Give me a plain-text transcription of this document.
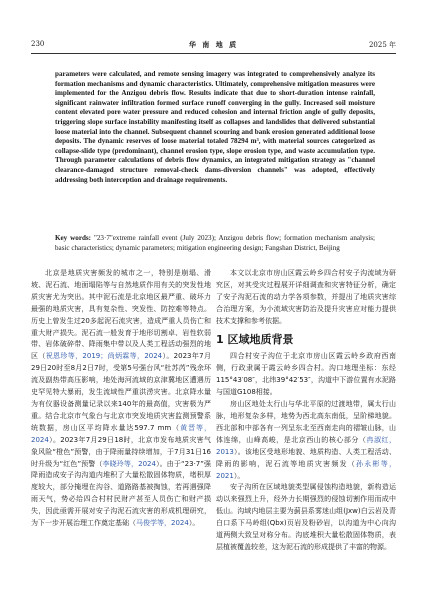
230	华 南 地 质	2025 年
parameters were calculated, and remote sensing imagery was integrated to comprehensively analyze its formation mechanisms and dynamic characteristics. Ultimately, comprehensive mitigation measures were implemented for the Anzigou debris flow. Results indicate that due to short-duration intense rainfall, significant rainwater infiltration formed surface runoff converging in the gully. Increased soil moisture content elevated pore water pressure and reduced cohesion and internal friction angle of gully deposits, triggering slope surface instability manifesting itself as collapses and landslides that delivered substantial loose material into the channel. Subsequent channel scouring and bank erosion generated additional loose deposits. The dynamic reserves of loose material totaled 78294 m³, with material sources categorized as collapse-slide type (predominant), channel erosion type, slope erosion type, and waste accumulation type. Through parameter calculations of debris flow dynamics, an integrated mitigation strategy as "channel clearance-damaged structure removal-check dams-diversion channels" was adopted, effectively addressing both interception and drainage requirements.
Key words: "23·7"extreme rainfall event (July 2023); Anzigou debris flow; formation mechanism analysis; basic characteristics; dynamic parameters; mitigation engineering design; Fangshan District, Beijing

北京是地质灾害频发的城市之一，特别是崩塌、滑坡、泥石流、地面塌陷等与自然地质作用有关的突发性地质灾害尤为突出。其中泥石流是北京地区最严重、破坏力最强的地质灾害，具有复杂性、突发性、防控难等特点。历史上曾发生过20多起泥石流灾害，造成严重人员伤亡和重大财产损失。泥石流一般发育于地形切割卓、岩性软弱带、岩体破碎带、降雨集中带以及人类工程活动强烈的地区（祝恩珍等，2019；尚炳霖等，2024）。2023年7月29日20时至8月2日7时，受第5号强台风“杜苏芮”残余环流及副热带高压影响，地处海河流域的京津冀地区遭遇历史罕见特大暴雨，发生流域性严重洪涝灾害。北京降水量为有仪器设备测量记录以来140年的最高值，灾害极为严重。结合北京市气象台与北京市突发地质灾害监测预警系统数据，房山区平均降水量达597.7 mm（黄晋等，2024）。2023年7月29日18时，北京市发布地质灾害气象风险“橙色”预警，由于降雨量持续增加，于7月31日16时升级为“红色”预警（李晓玲等，2024）。由于“23·7”强降雨造成安子沟沟道内堆积了大量松散固体物质，堵积厚度较大，部分掩埋在沟谷、道路路基被掏蚀，若再遇强降雨天气，势必给四合村村民财产甚至人员伤亡和财产损失，因此亟需开展对安子沟泥石流灾害的形成机理研究，为下一步开展治理工作奠定基础（马俊学等，2024）。

本文以北京市房山区霞云岭乡四合村安子沟流域为研究区，对其受灾过程展开详细调查和灾害特征分析，确定了安子沟泥石流的动力学各项参数，并提出了地质灾害综合治理方案，为小流域灾害防治及提升灾害应对能力提供技术支撑和参考依据。

1 区域地质背景

四合村安子沟位于北京市房山区霞云岭乡政府西南侧，行政隶属于霞云岭乡四合村。沟口地理坐标：东经115°43′08″，北纬39°42′53″，沟道中下游位置有水泥路与国道G108相接。

房山区地处太行山与华北平原的过渡地带，属太行山脉，地形复杂多样，地势为西北高东南低，呈阶梯地貌。西北部和中部各有一列呈东北至西南走向的褶皱山脉，山体连绵，山峰高峻，是北京西山的核心部分（冉淑红，2013）。该地区受地形地貌、地质构造、人类工程活动、降雨的影响，泥石流等地质灾害频发（孙永彬等，2021）。

安子沟所在区域地貌类型属侵蚀构造地貌，新构造运动以来强烈上升，经外力长期强烈的侵蚀切割作用而成中低山。沟域内地层主要为蓟县系雾迷山组(Jxw)白云岩及青白口系下马岭组(Qbx)页岩及粉砂岩，以沟道为中心向沟道两侧大致呈对称分布。沟底堆积大量松散固体物质，表层植被覆盖较差，这为泥石流的形成提供了丰富的物源。
